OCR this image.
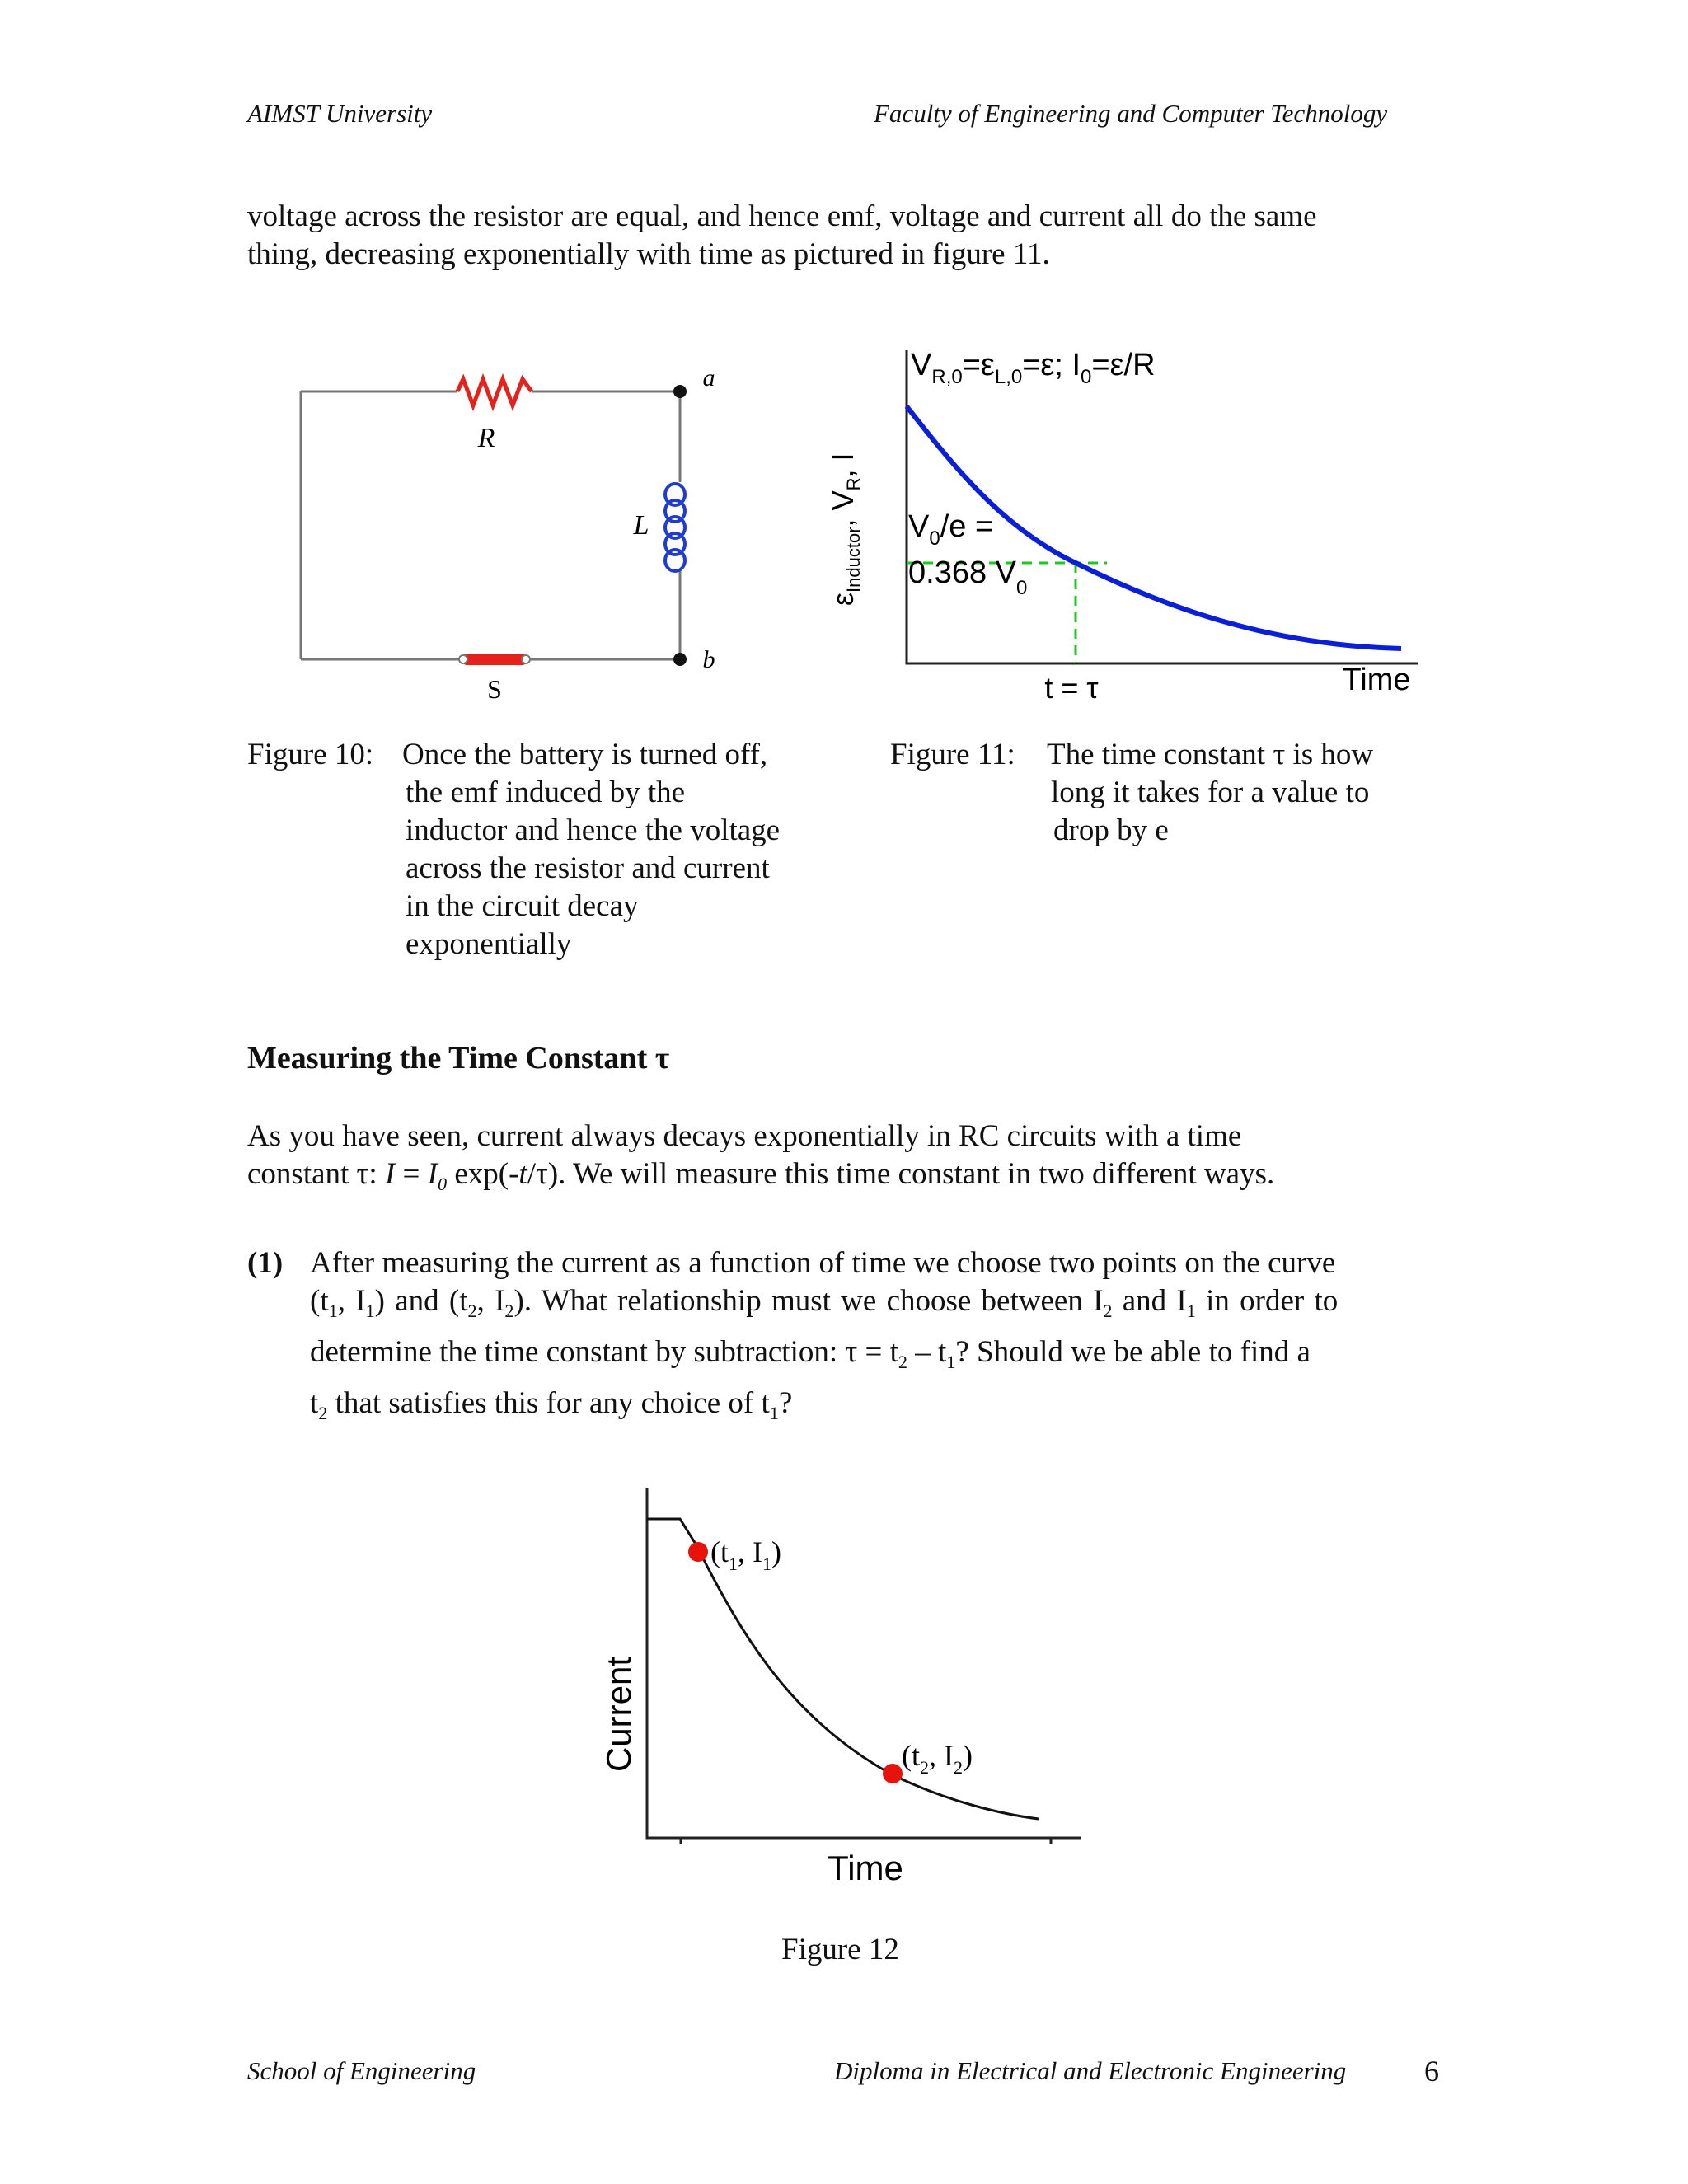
AIMST University	Faculty of Engineering and Computer Technology
voltage across the resistor are equal, and hence emf, voltage and current all do the same
thing, decreasing exponentially with time as pictured in figure 11.
R
L
a
b
S
$\varepsilon_{Inductor}$, $V_R$, I
$V_{R,0}=\varepsilon_{L,0}=\varepsilon$; $I_0=\varepsilon/R$
$V_0/e$ =
0.368 $V_0$
t = τ	Time
Figure 10: Once the battery is turned off,
the emf induced by the
inductor and hence the voltage
across the resistor and current
in the circuit decay
exponentially
Figure 11: The time constant τ is how
long it takes for a value to
drop by e
Measuring the Time Constant τ
As you have seen, current always decays exponentially in RC circuits with a time
constant τ: $I = I_0$ exp(-t/τ). We will measure this time constant in two different ways.
(1) After measuring the current as a function of time we choose two points on the curve
($t_1$, $I_1$) and ($t_2$, $I_2$). What relationship must we choose between $I_2$ and $I_1$ in order to
determine the time constant by subtraction: $\tau = t_2 - t_1$? Should we be able to find a
$t_2$ that satisfies this for any choice of $t_1$?
Current
($t_1$, $I_1$)
($t_2$, $I_2$)
Time
Figure 12
School of Engineering	Diploma in Electrical and Electronic Engineering	6
